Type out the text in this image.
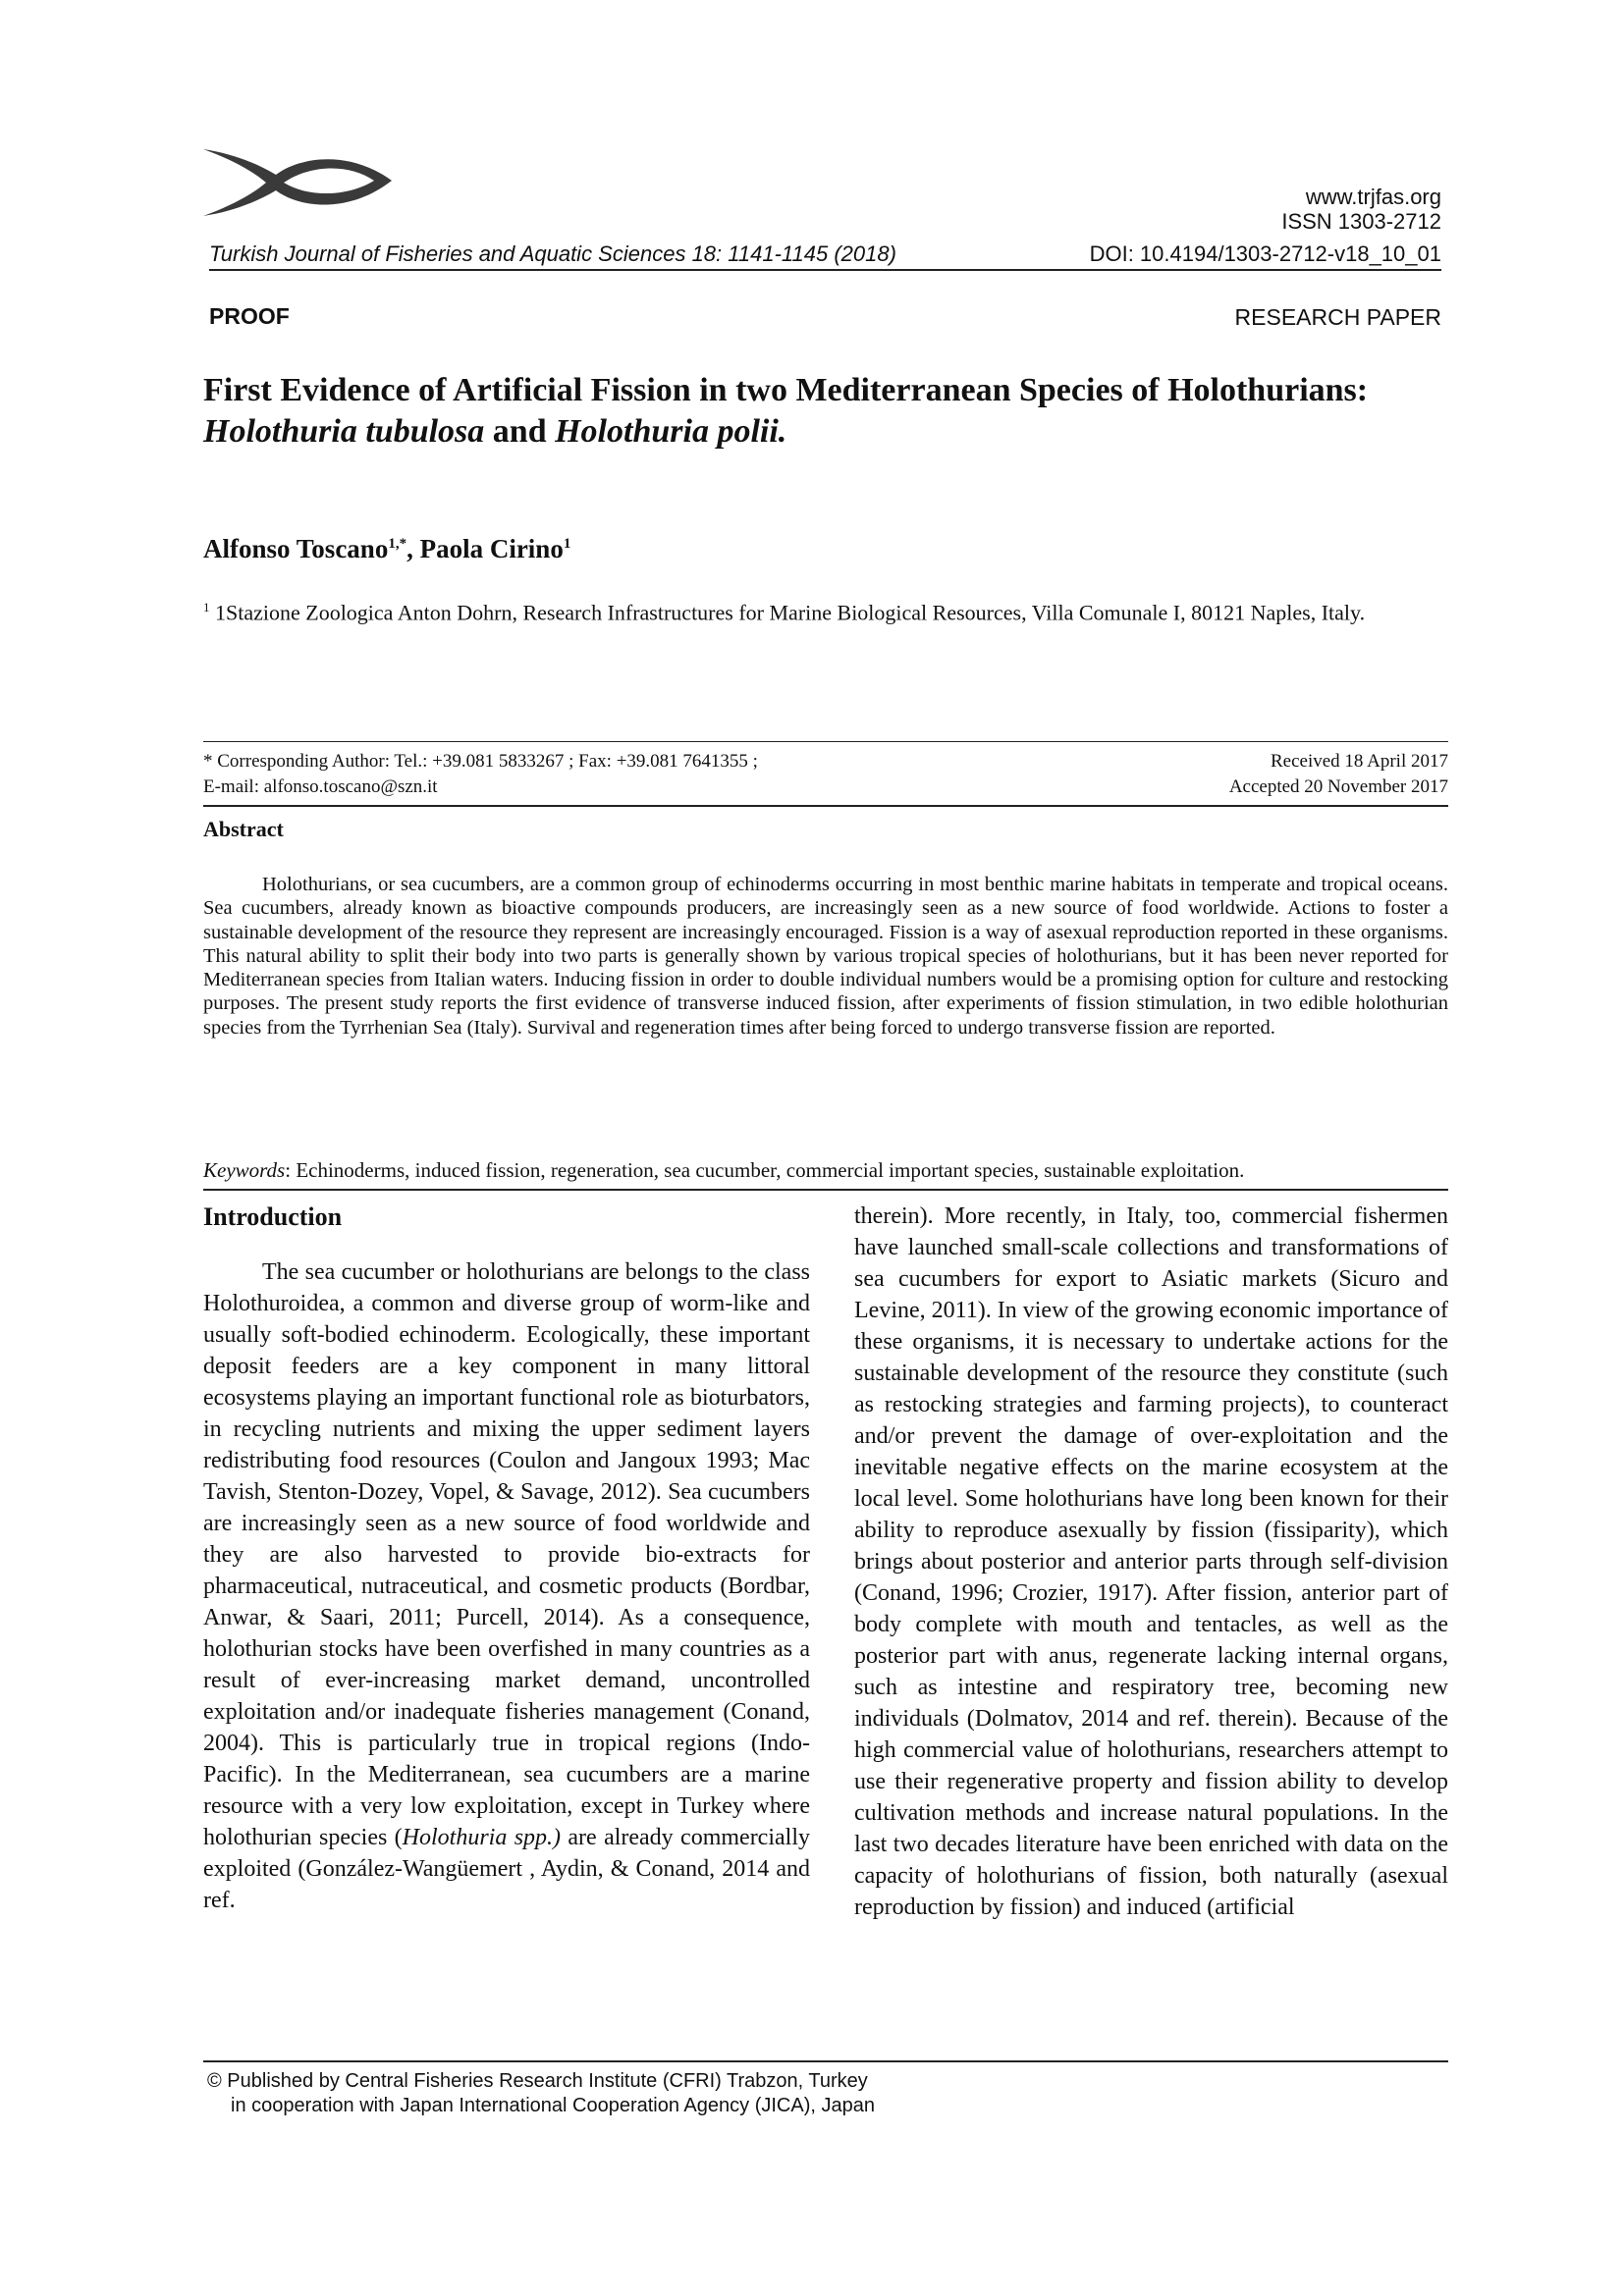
www.trjfas.org
ISSN 1303-2712
Turkish Journal of Fisheries and Aquatic Sciences 18: 1141-1145 (2018)	DOI: 10.4194/1303-2712-v18_10_01
PROOF	RESEARCH PAPER
First Evidence of Artificial Fission in two Mediterranean Species of Holothurians: Holothuria tubulosa and Holothuria polii.
Alfonso Toscano$^{1,*}$, Paola Cirino$^1$
$^1$ 1Stazione Zoologica Anton Dohrn, Research Infrastructures for Marine Biological Resources, Villa Comunale I, 80121 Naples, Italy.
* Corresponding Author: Tel.: +39.081 5833267 ; Fax: +39.081 7641355 ;
E-mail: alfonso.toscano@szn.it
Received 18 April 2017
Accepted 20 November 2017
Abstract
Holothurians, or sea cucumbers, are a common group of echinoderms occurring in most benthic marine habitats in temperate and tropical oceans. Sea cucumbers, already known as bioactive compounds producers, are increasingly seen as a new source of food worldwide. Actions to foster a sustainable development of the resource they represent are increasingly encouraged. Fission is a way of asexual reproduction reported in these organisms. This natural ability to split their body into two parts is generally shown by various tropical species of holothurians, but it has been never reported for Mediterranean species from Italian waters. Inducing fission in order to double individual numbers would be a promising option for culture and restocking purposes. The present study reports the first evidence of transverse induced fission, after experiments of fission stimulation, in two edible holothurian species from the Tyrrhenian Sea (Italy). Survival and regeneration times after being forced to undergo transverse fission are reported.
Keywords: Echinoderms, induced fission, regeneration, sea cucumber, commercial important species, sustainable exploitation.
Introduction
The sea cucumber or holothurians are belongs to the class Holothuroidea, a common and diverse group of worm-like and usually soft-bodied echinoderm. Ecologically, these important deposit feeders are a key component in many littoral ecosystems playing an important functional role as bioturbators, in recycling nutrients and mixing the upper sediment layers redistributing food resources (Coulon and Jangoux 1993; Mac Tavish, Stenton-Dozey, Vopel, & Savage, 2012). Sea cucumbers are increasingly seen as a new source of food worldwide and they are also harvested to provide bio-extracts for pharmaceutical, nutraceutical, and cosmetic products (Bordbar, Anwar, & Saari, 2011; Purcell, 2014). As a consequence, holothurian stocks have been overfished in many countries as a result of ever-increasing market demand, uncontrolled exploitation and/or inadequate fisheries management (Conand, 2004). This is particularly true in tropical regions (Indo-Pacific). In the Mediterranean, sea cucumbers are a marine resource with a very low exploitation, except in Turkey where holothurian species (Holothuria spp.) are already commercially exploited (González-Wangüemert , Aydin, & Conand, 2014 and ref.
therein). More recently, in Italy, too, commercial fishermen have launched small-scale collections and transformations of sea cucumbers for export to Asiatic markets (Sicuro and Levine, 2011). In view of the growing economic importance of these organisms, it is necessary to undertake actions for the sustainable development of the resource they constitute (such as restocking strategies and farming projects), to counteract and/or prevent the damage of over-exploitation and the inevitable negative effects on the marine ecosystem at the local level. Some holothurians have long been known for their ability to reproduce asexually by fission (fissiparity), which brings about posterior and anterior parts through self-division (Conand, 1996; Crozier, 1917). After fission, anterior part of body complete with mouth and tentacles, as well as the posterior part with anus, regenerate lacking internal organs, such as intestine and respiratory tree, becoming new individuals (Dolmatov, 2014 and ref. therein). Because of the high commercial value of holothurians, researchers attempt to use their regenerative property and fission ability to develop cultivation methods and increase natural populations. In the last two decades literature have been enriched with data on the capacity of holothurians of fission, both naturally (asexual reproduction by fission) and induced (artificial
© Published by Central Fisheries Research Institute (CFRI) Trabzon, Turkey
in cooperation with Japan International Cooperation Agency (JICA), Japan
